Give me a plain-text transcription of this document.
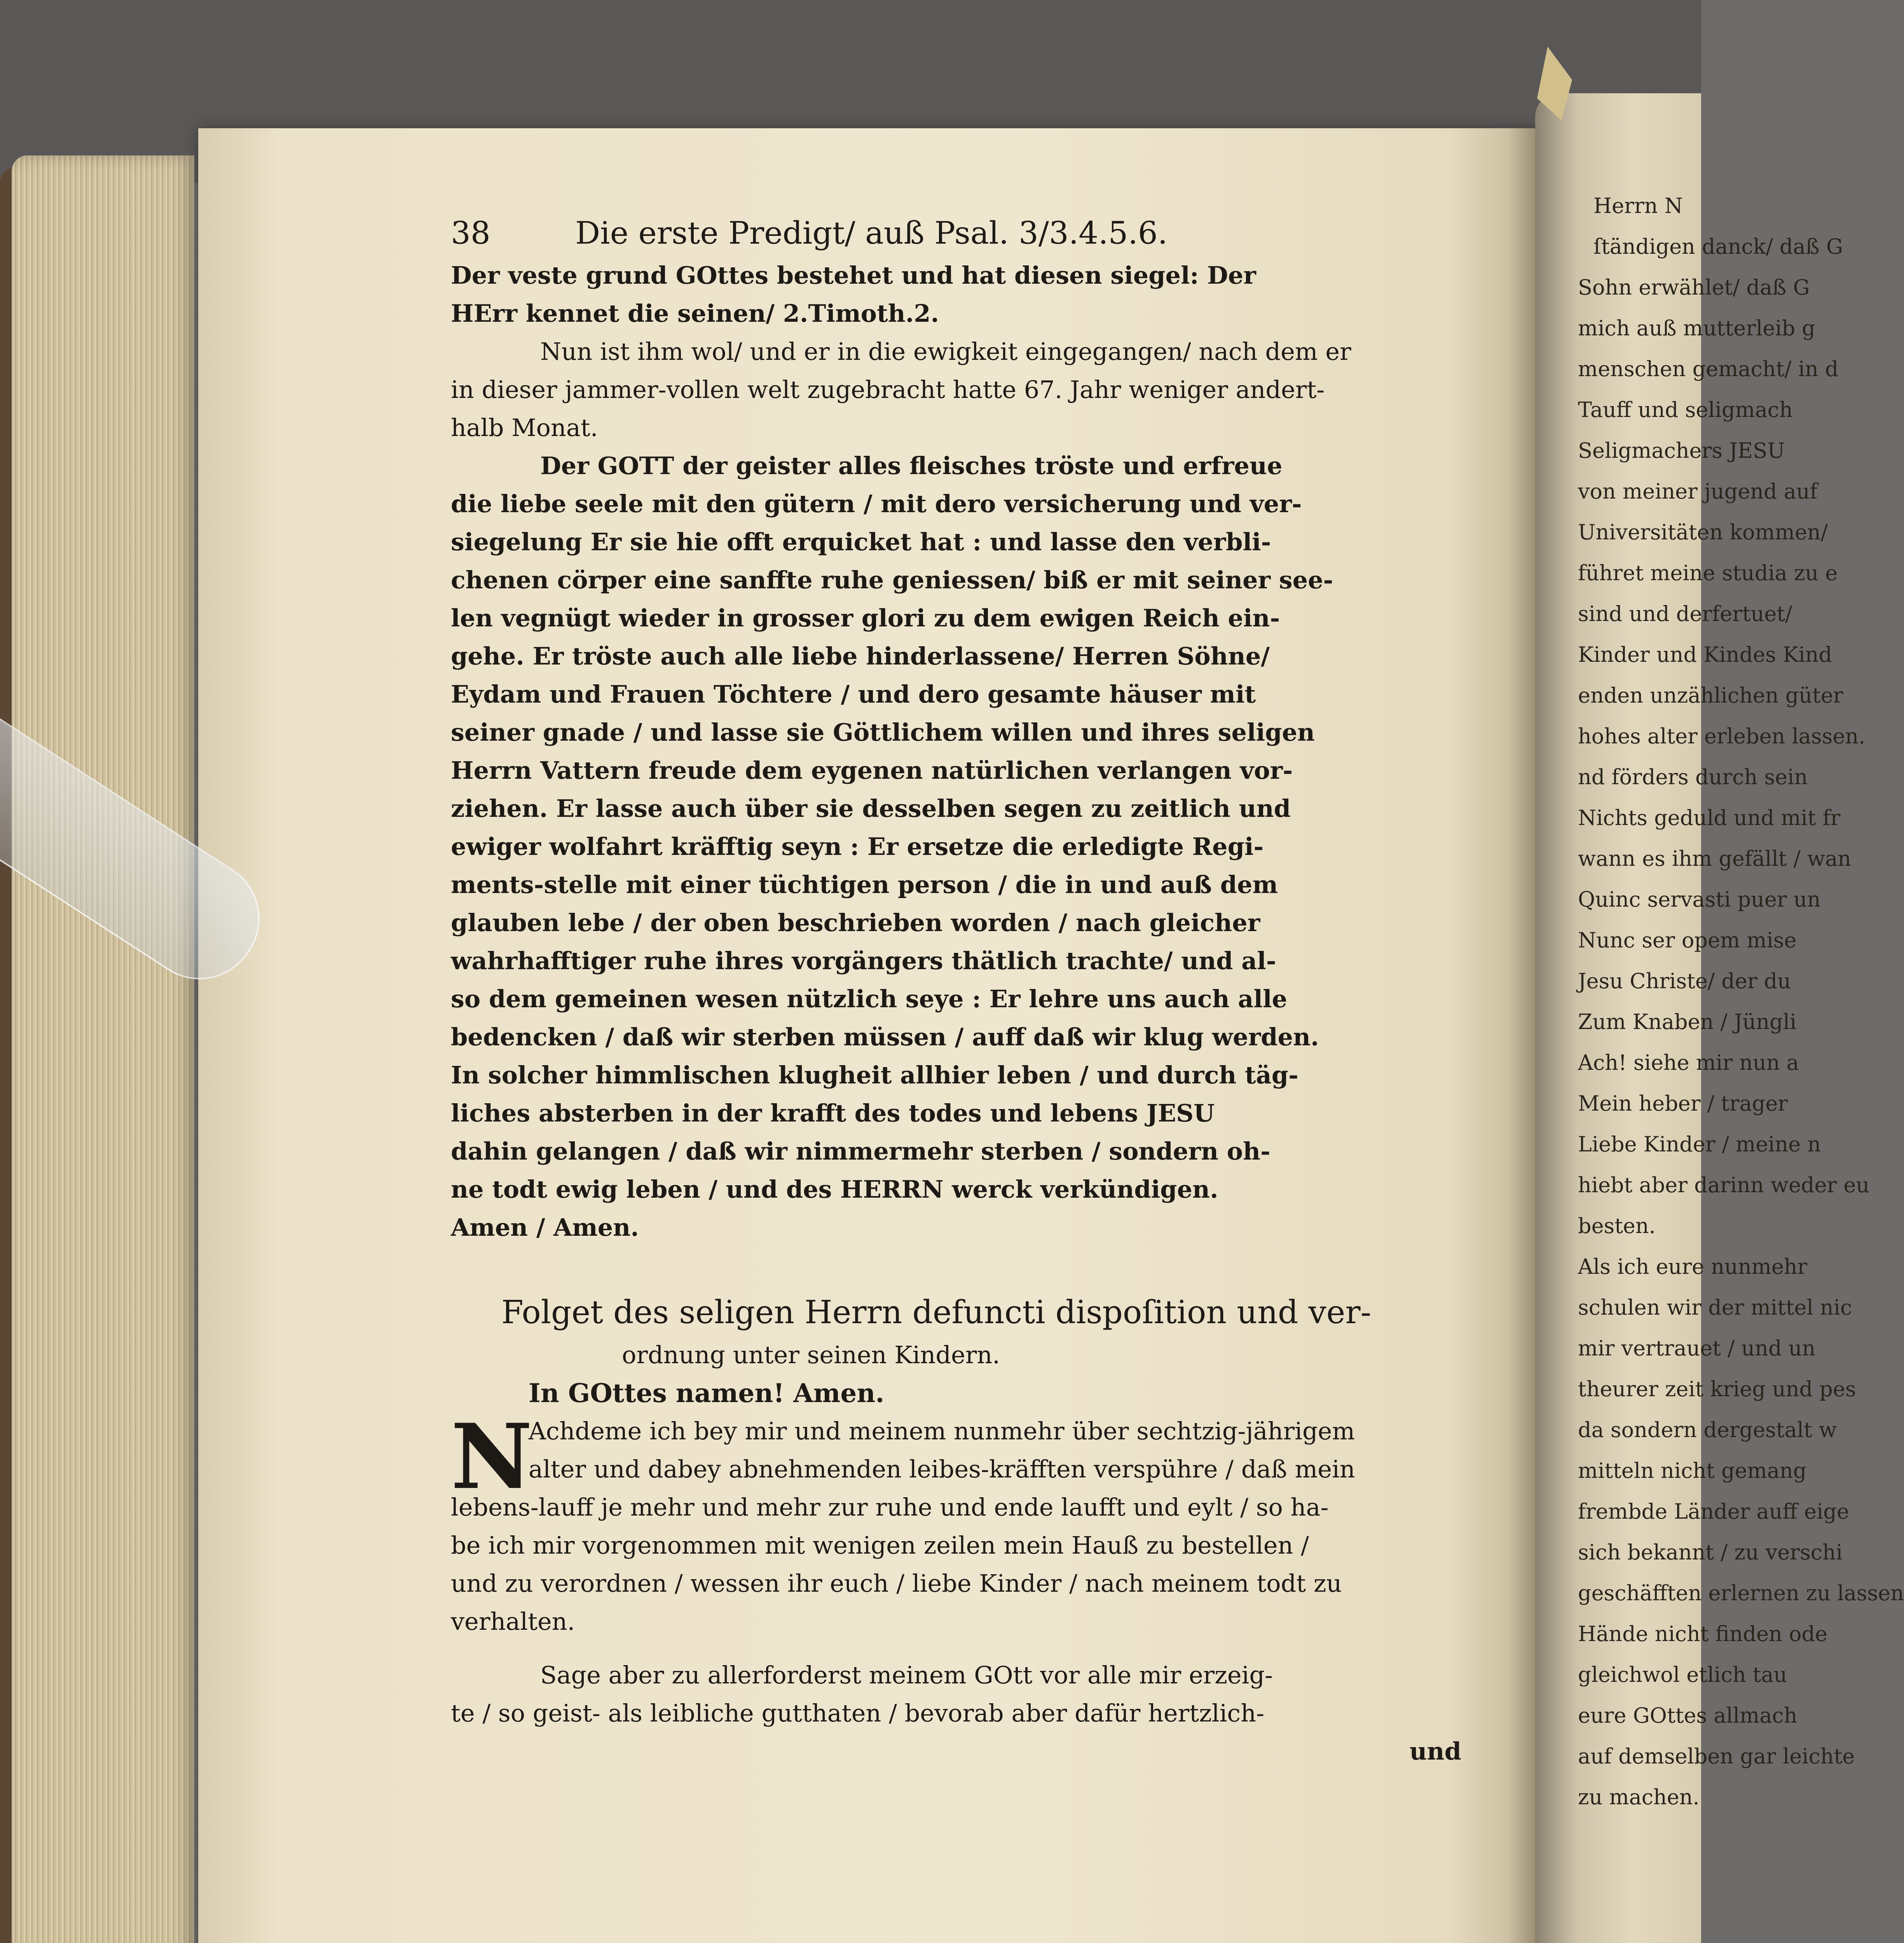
Herrn N
ſtändigen danck/ daß G
Sohn erwählet/ daß G
mich auß mutterleib g
menschen gemacht/ in d
Tauff und seligmach
Seligmachers JESU
von meiner jugend auf
Universitäten kommen/
führet meine studia zu e
sind und derfertuet/
Kinder und Kindes Kind
enden unzählichen güter
hohes alter erleben lassen.
nd förders durch sein
Nichts geduld und mit fr
wann es ihm gefällt / wan
Quinc servasti puer un
Nunc ser opem mise
Jesu Christe/ der du
Zum Knaben / Jüngli
Ach! siehe mir nun a
Mein heber / trager
Liebe Kinder / meine n
hiebt aber darinn weder eu
besten.
Als ich eure nunmehr
schulen wir der mittel nic
mir vertrauet / und un
theurer zeit krieg und pes
da sondern dergestalt w
mitteln nicht gemang
frembde Länder auff eige
sich bekannt / zu verschi
geschäfften erlernen zu lassen
Hände nicht finden ode
gleichwol etlich tau
eure GOttes allmach
auf demselben gar leichte
zu machen.
38	Die erste Predigt/ auß Psal. 3/3.4.5.6.
Der veste grund GOttes bestehet und hat diesen siegel: Der
HErr kennet die seinen/ 2.Timoth.2.
Nun ist ihm wol/ und er in die ewigkeit eingegangen/ nach dem er
in dieser jammer-vollen welt zugebracht hatte 67. Jahr weniger andert-
halb Monat.
Der GOTT der geister alles fleisches tröste und erfreue
die liebe seele mit den gütern / mit dero versicherung und ver-
siegelung Er sie hie offt erquicket hat : und lasse den verbli-
chenen cörper eine sanffte ruhe geniessen/ biß er mit seiner see-
len vegnügt wieder in grosser glori zu dem ewigen Reich ein-
gehe. Er tröste auch alle liebe hinderlassene/ Herren Söhne/
Eydam und Frauen Töchtere / und dero gesamte häuser mit
seiner gnade / und lasse sie Göttlichem willen und ihres seligen
Herrn Vattern freude dem eygenen natürlichen verlangen vor-
ziehen. Er lasse auch über sie desselben segen zu zeitlich und
ewiger wolfahrt kräfftig seyn : Er ersetze die erledigte Regi-
ments-stelle mit einer tüchtigen person / die in und auß dem
glauben lebe / der oben beschrieben worden / nach gleicher
wahrhafftiger ruhe ihres vorgängers thätlich trachte/ und al-
so dem gemeinen wesen nützlich seye : Er lehre uns auch alle
bedencken / daß wir sterben müssen / auff daß wir klug werden.
In solcher himmlischen klugheit allhier leben / und durch täg-
liches absterben in der krafft des todes und lebens JESU
dahin gelangen / daß wir nimmermehr sterben / sondern oh-
ne todt ewig leben / und des HERRN werck verkündigen.
Amen / Amen.
Folget des seligen Herrn defuncti dispoſition und ver-
ordnung unter seinen Kindern.
In GOttes namen! Amen.
N
Achdeme ich bey mir und meinem nunmehr über sechtzig-jährigem
alter und dabey abnehmenden leibes-kräfften verspühre / daß mein
lebens-lauff je mehr und mehr zur ruhe und ende laufft und eylt / so ha-
be ich mir vorgenommen mit wenigen zeilen mein Hauß zu bestellen /
und zu verordnen / wessen ihr euch / liebe Kinder / nach meinem todt zu
verhalten.
Sage aber zu allerforderst meinem GOtt vor alle mir erzeig-
te / so geist- als leibliche gutthaten / bevorab aber dafür hertzlich-
und
